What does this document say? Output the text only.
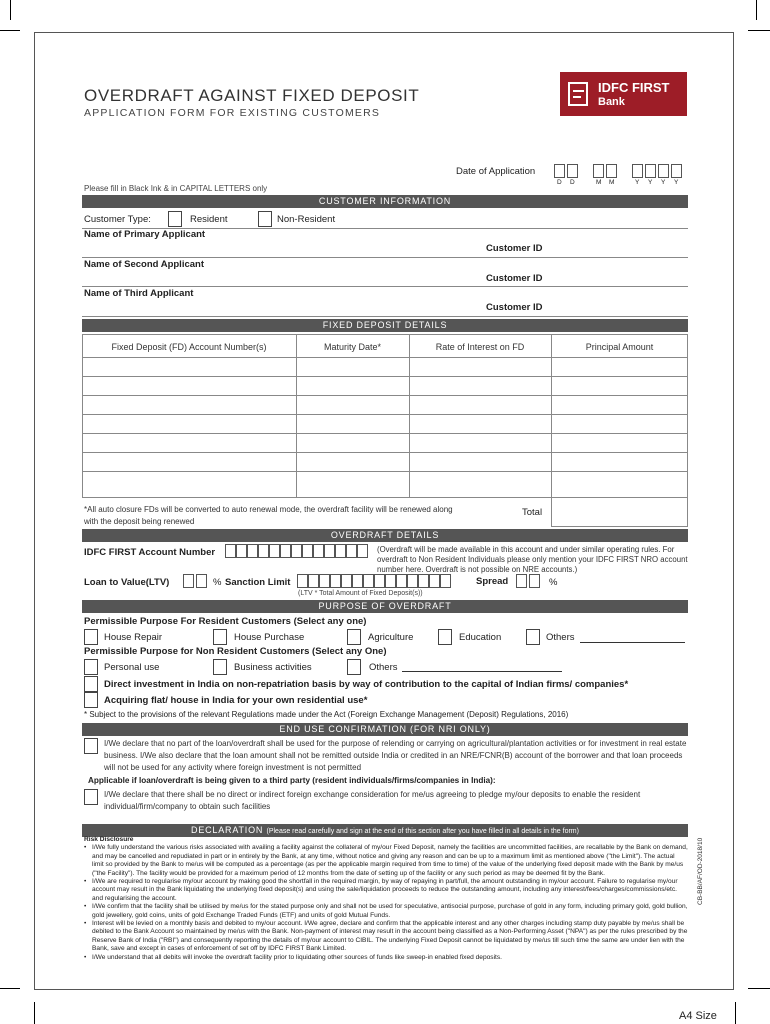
OVERDRAFT AGAINST FIXED DEPOSIT
APPLICATION FORM FOR EXISTING CUSTOMERS
IDFC FIRST
Bank
Date of Application
D D	M M	Y Y Y Y
Please fill in Black Ink & in CAPITAL LETTERS only
CUSTOMER INFORMATION
Customer Type:	Resident	Non-Resident
Name of Primary Applicant
Customer ID
Name of Second Applicant
Customer ID
Name of Third Applicant
Customer ID
FIXED DEPOSIT DETAILS
Fixed Deposit (FD) Account Number(s)	Maturity Date*	Rate of Interest on FD	Principal Amount
*All auto closure FDs will be converted to auto renewal mode, the overdraft facility will be renewed along with the deposit being renewed
Total
OVERDRAFT DETAILS
IDFC FIRST Account Number	(Overdraft will be made available in this account and under similar operating rules. For overdraft to Non Resident Individuals please only mention your IDFC FIRST NRO account number here. Overdraft is not possible on NRE accounts.)
Loan to Value(LTV)	% Sanction Limit	Spread	%
(LTV * Total Amount of Fixed Deposit(s))
PURPOSE OF OVERDRAFT
Permissible Purpose For Resident Customers (Select any one)
House Repair	House Purchase	Agriculture	Education	Others
Permissible Purpose for Non Resident Customers (Select any One)
Personal use	Business activities	Others
Direct investment in India on non-repatriation basis by way of contribution to the capital of Indian firms/ companies*
Acquiring flat/ house in India for your own residential use*
* Subject to the provisions of the relevant Regulations made under the Act (Foreign Exchange Management (Deposit) Regulations, 2016)
END USE CONFIRMATION (FOR NRI ONLY)
I/We declare that no part of the loan/overdraft shall be used for the purpose of relending or carrying on agricultural/plantation activities or for investment in real estate business. I/We also declare that the loan amount shall not be remitted outside India or credited in an NRE/FCNR(B) account of the borrower and that loan proceeds will not be used for any activity where foreign investment is not permitted
Applicable if loan/overdraft is being given to a third party (resident individuals/firms/companies in India):
I/We declare that there shall be no direct or indirect foreign exchange consideration for me/us agreeing to pledge my/our deposits to enable the resident individual/firm/company to obtain such facilities
DECLARATION (Please read carefully and sign at the end of this section after you have filled in all details in the form)
Risk Disclosure
• I/We fully understand the various risks associated with availing a facility against the collateral of my/our Fixed Deposit, namely the facilities are uncommitted facilities, are recallable by the Bank on demand, and may be cancelled and repudiated in part or in entirely by the Bank, at any time, without notice and giving any reason and can be up to a maximum limit as mentioned above ("the Limit"). The actual limit so provided by the Bank to me/us will be computed as a percentage (as per the applicable margin required from time to time) of the value of the underlying fixed deposit made with the Bank by me/us ("the Facility"). The facility would be provided for a maximum period of 12 months from the date of setting up of the facility or any such period as may be deemed fit by the Bank.
• I/We are required to regularise my/our account by making good the shortfall in the required margin, by way of repaying in part/full, the amount outstanding in my/our account. Failure to regularise my/our account may result in the Bank liquidating the underlying fixed deposit(s) and using the sale/liquidation proceeds to reduce the outstanding amount, including any interest/fees/charges/commissions/etc. and regularising the account.
• I/We confirm that the facility shall be utilised by me/us for the stated purpose only and shall not be used for speculative, antisocial purpose, purchase of gold in any form, including primary gold, gold bullion, gold jewellery, gold coins, units of gold Exchange Traded Funds (ETF) and units of gold Mutual Funds.
• Interest will be levied on a monthly basis and debited to my/our account. I/We agree, declare and confirm that the applicable interest and any other charges including stamp duty payable by me/us shall be debited to the Bank Account so maintained by me/us with the Bank. Non-payment of interest may result in the account being classified as a Non-Performing Asset ("NPA") as per the rules prescribed by the Reserve Bank of India ("RBI") and consequently reporting the details of my/our account to CIBIL. The underlying Fixed Deposit cannot be liquidated by me/us till such time the same are under lien with the Bank, save and except in cases of enforcement of set off by IDFC FIRST Bank Limited.
• I/We understand that all debits will invoke the overdraft facility prior to liquidating other sources of funds like sweep-in enabled fixed deposits.
CB-BB/AF/OD-2018/10
A4 Size
